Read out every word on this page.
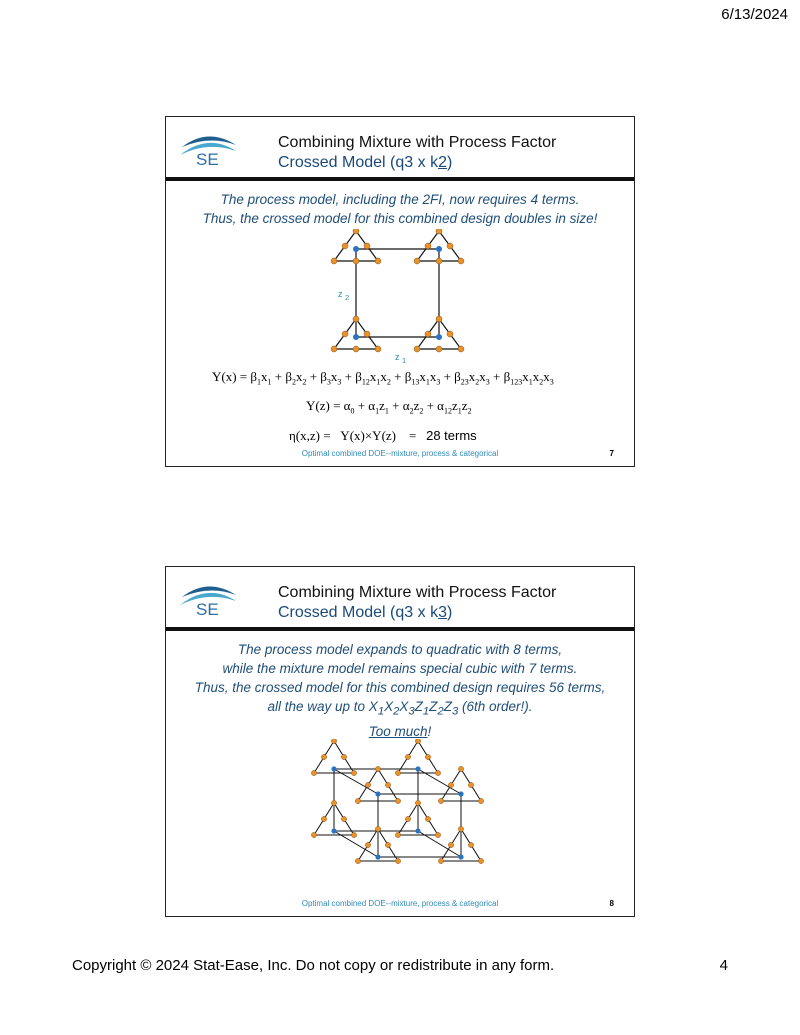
6/13/2024
SE
Combining Mixture with Process Factor
Crossed Model (q3 x k2)
The process model, including the 2FI, now requires 4 terms.
Thus, the crossed model for this combined design doubles in size!
z $_2$
z $_1$
$Y(x) = \beta_1x_1 + \beta_2x_2 + \beta_3x_3 + \beta_{12}x_1x_2 + \beta_{13}x_1x_3 + \beta_{23}x_2x_3 + \beta_{123}x_1x_2x_3$
$Y(z) = \alpha_0 + \alpha_1z_1 + \alpha_2z_2 + \alpha_{12}z_1z_2$
η(x,z) =   Y(x)×Y(z)    =   28 terms
Optimal combined DOE--mixture, process & categorical	7
SE
Combining Mixture with Process Factor
Crossed Model (q3 x k3)
The process model expands to quadratic with 8 terms,
while the mixture model remains special cubic with 7 terms.
Thus, the crossed model for this combined design requires 56 terms,
all the way up to $X_1X_2X_3Z_1Z_2Z_3$ (6th order!).
Too much!
Optimal combined DOE--mixture, process & categorical	8
Copyright © 2024 Stat-Ease, Inc. Do not copy or redistribute in any form.	4
